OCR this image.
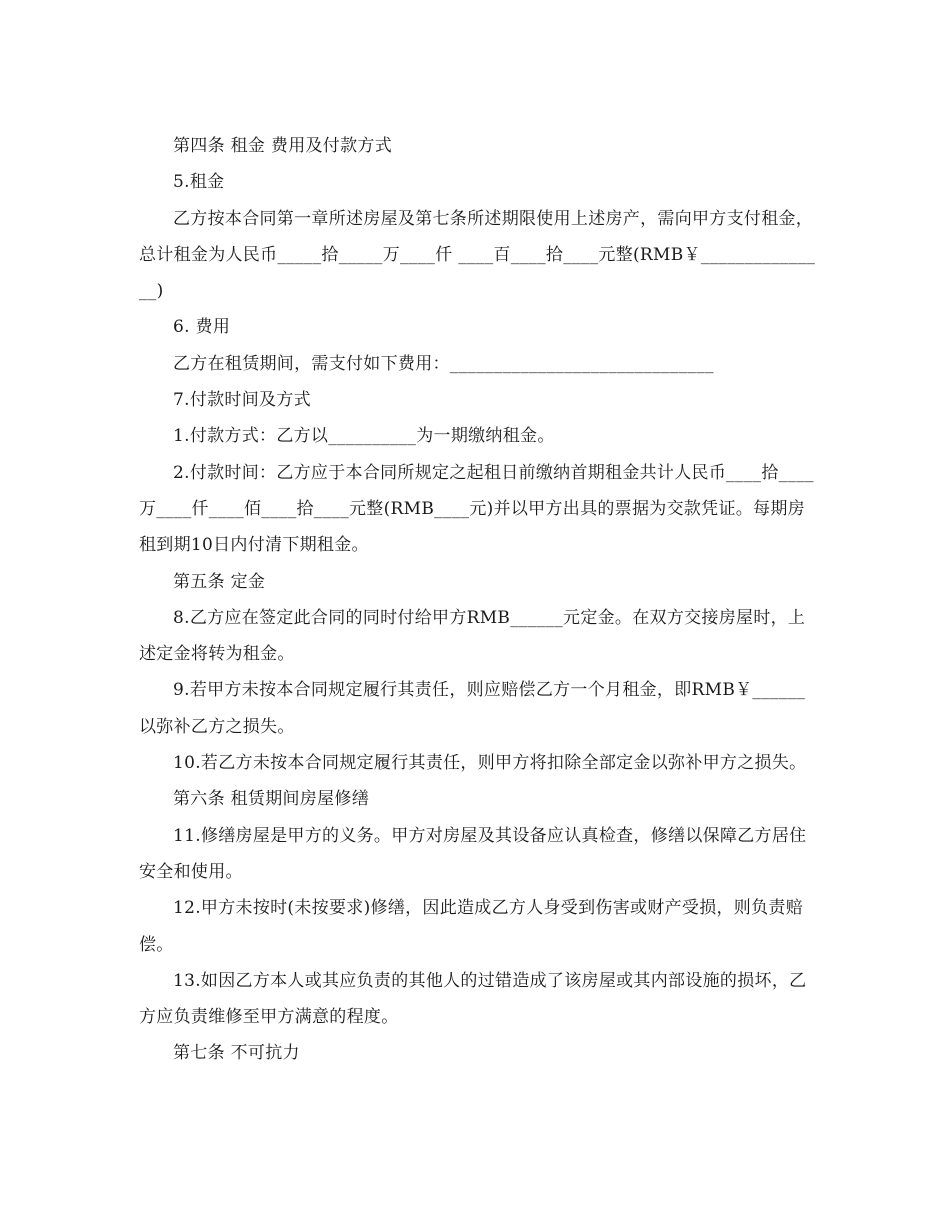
第四条 租金 费用及付款方式

5.租金

乙方按本合同第一章所述房屋及第七条所述期限使用上述房产，需向甲方支付租金，总计租金为人民币_____拾_____万____仟 ____百____拾____元整(RMB￥_______________)

6. 费用

乙方在租赁期间，需支付如下费用：______________________________

7.付款时间及方式

1.付款方式：乙方以__________为一期缴纳租金。

2.付款时间：乙方应于本合同所规定之起租日前缴纳首期租金共计人民币____拾____万____仟____佰____拾____元整(RMB____元)并以甲方出具的票据为交款凭证。每期房租到期10日内付清下期租金。

第五条 定金

8.乙方应在签定此合同的同时付给甲方RMB______元定金。在双方交接房屋时，上述定金将转为租金。

9.若甲方未按本合同规定履行其责任，则应赔偿乙方一个月租金，即RMB￥______以弥补乙方之损失。

10.若乙方未按本合同规定履行其责任，则甲方将扣除全部定金以弥补甲方之损失。

第六条 租赁期间房屋修缮

11.修缮房屋是甲方的义务。甲方对房屋及其设备应认真检查，修缮以保障乙方居住安全和使用。

12.甲方未按时(未按要求)修缮，因此造成乙方人身受到伤害或财产受损，则负责赔偿。

13.如因乙方本人或其应负责的其他人的过错造成了该房屋或其内部设施的损坏，乙方应负责维修至甲方满意的程度。

第七条 不可抗力
